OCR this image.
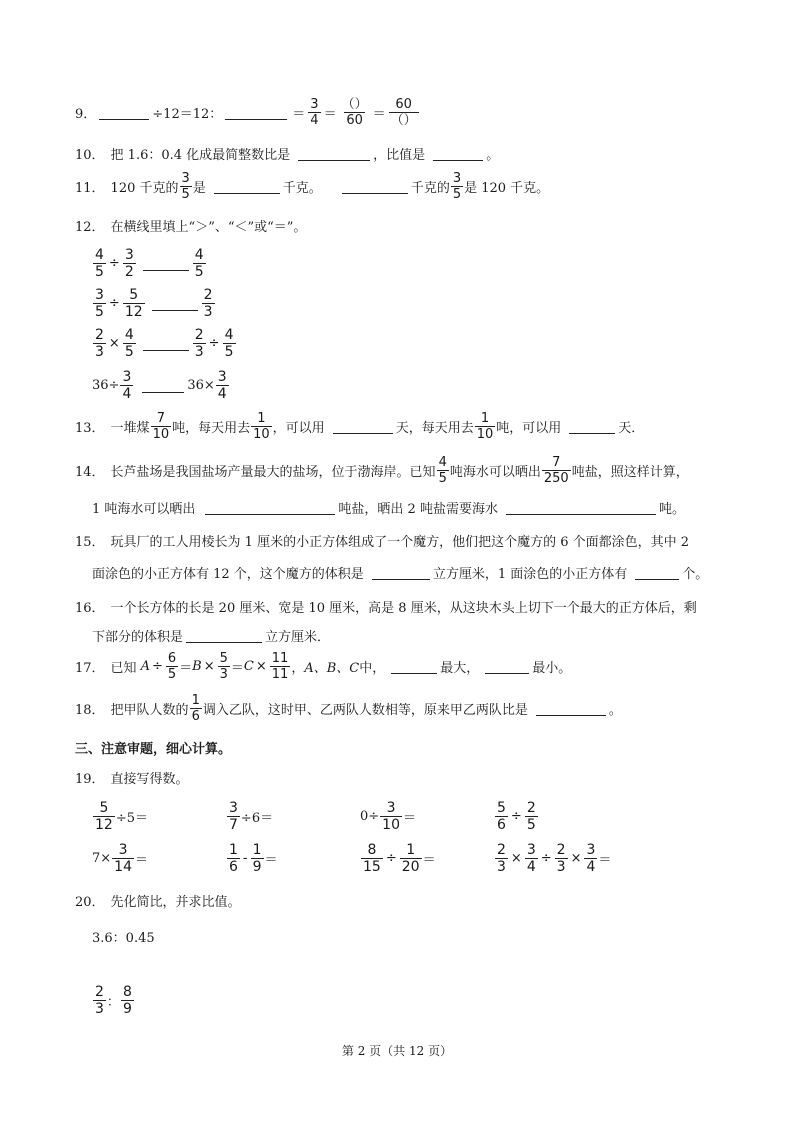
9．	÷12＝12：	＝ $\frac{3}{4} = \frac{()}{60} = \frac{60}{()}$
10． 把 1.6：0.4 化成最简整数比是	，比值是	。
11． 120 千克的 $\frac{3}{5}$ 是	千克。	千克的 $\frac{3}{5}$ 是 120 千克。
12． 在横线里填上“＞”、“＜”或“＝”。
$\frac{4}{5} \div \frac{3}{2}$	$\frac{4}{5}$
$\frac{3}{5} \div \frac{5}{12}$	$\frac{2}{3}$
$\frac{2}{3} \times \frac{4}{5}$	$\frac{2}{3} \div \frac{4}{5}$
$36\div \frac{3}{4}$	$36\times \frac{3}{4}$
13． 一堆煤 $\frac{7}{10}$ 吨，每天用去 $\frac{1}{10}$ ，可以用	天，每天用去 $\frac{1}{10}$ 吨，可以用	天．
14． 长芦盐场是我国盐场产量最大的盐场，位于渤海岸。已知 $\frac{4}{5}$ 吨海水可以晒出 $\frac{7}{250}$ 吨盐，照这样计算，
1 吨海水可以晒出	吨盐，晒出 2 吨盐需要海水	吨。
15． 玩具厂的工人用棱长为 1 厘米的小正方体组成了一个魔方，他们把这个魔方的 6 个面都涂色，其中 2
面涂色的小正方体有 12 个，这个魔方的体积是	立方厘米，1 面涂色的小正方体有	个。
16． 一个长方体的长是 20 厘米、宽是 10 厘米，高是 8 厘米，从这块木头上切下一个最大的正方体后，剩
下部分的体积是	立方厘米．
17． 已知 $A \div \frac{6}{5} = B \times \frac{5}{3} = C \times \frac{11}{11}$ ， A、B、C 中，	最大，	最小。
18． 把甲队人数的 $\frac{1}{6}$ 调入乙队，这时甲、乙两队人数相等，原来甲乙两队比是	。
三、注意审题，细心计算。
19． 直接写得数。
$\frac{5}{12} \div 5=$	$\frac{3}{7} \div 6=$	$0\div \frac{3}{10}$ ＝	$\frac{5}{6} \div \frac{2}{5}$
$7\times \frac{3}{14}$ ＝	$\frac{1}{6} - \frac{1}{9}$ ＝	$\frac{8}{15} \div \frac{1}{20}$ ＝	$\frac{2}{3} \times \frac{3}{4} \div \frac{2}{3} \times \frac{3}{4}$ ＝
20． 先化简比，并求比值。
3.6：0.45
$\frac{2}{3}$ ： $\frac{8}{9}$
第 2 页（共 12 页）
